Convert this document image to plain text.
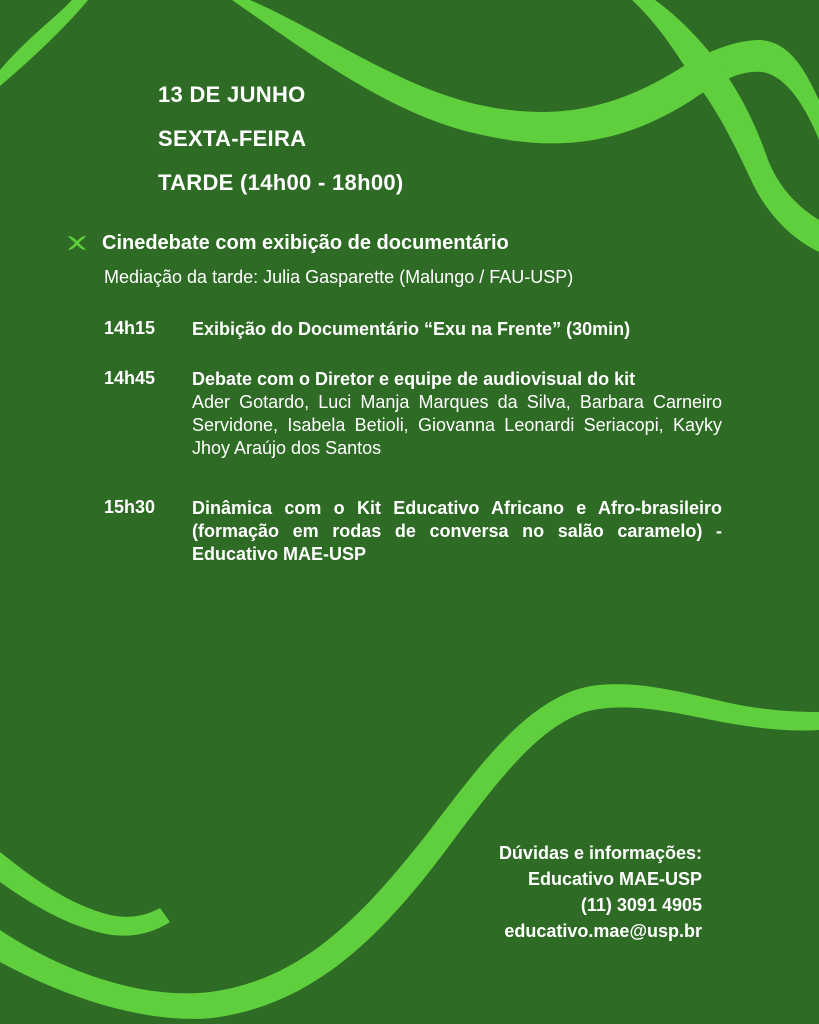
13 DE JUNHO
SEXTA-FEIRA
TARDE (14h00 - 18h00)
Cinedebate com exibição de documentário
Mediação da tarde: Julia Gasparette (Malungo / FAU-USP)
14h15 Exibição do Documentário “Exu na Frente” (30min)
14h45 Debate com o Diretor e equipe de audiovisual do kit
Ader Gotardo, Luci Manja Marques da Silva, Barbara Carneiro Servidone, Isabela Betioli, Giovanna Leonardi Seriacopi, Kayky Jhoy Araújo dos Santos
15h30 Dinâmica com o Kit Educativo Africano e Afro-brasileiro (formação em rodas de conversa no salão caramelo) - Educativo MAE-USP
Dúvidas e informações:
Educativo MAE-USP
(11) 3091 4905
educativo.mae@usp.br
